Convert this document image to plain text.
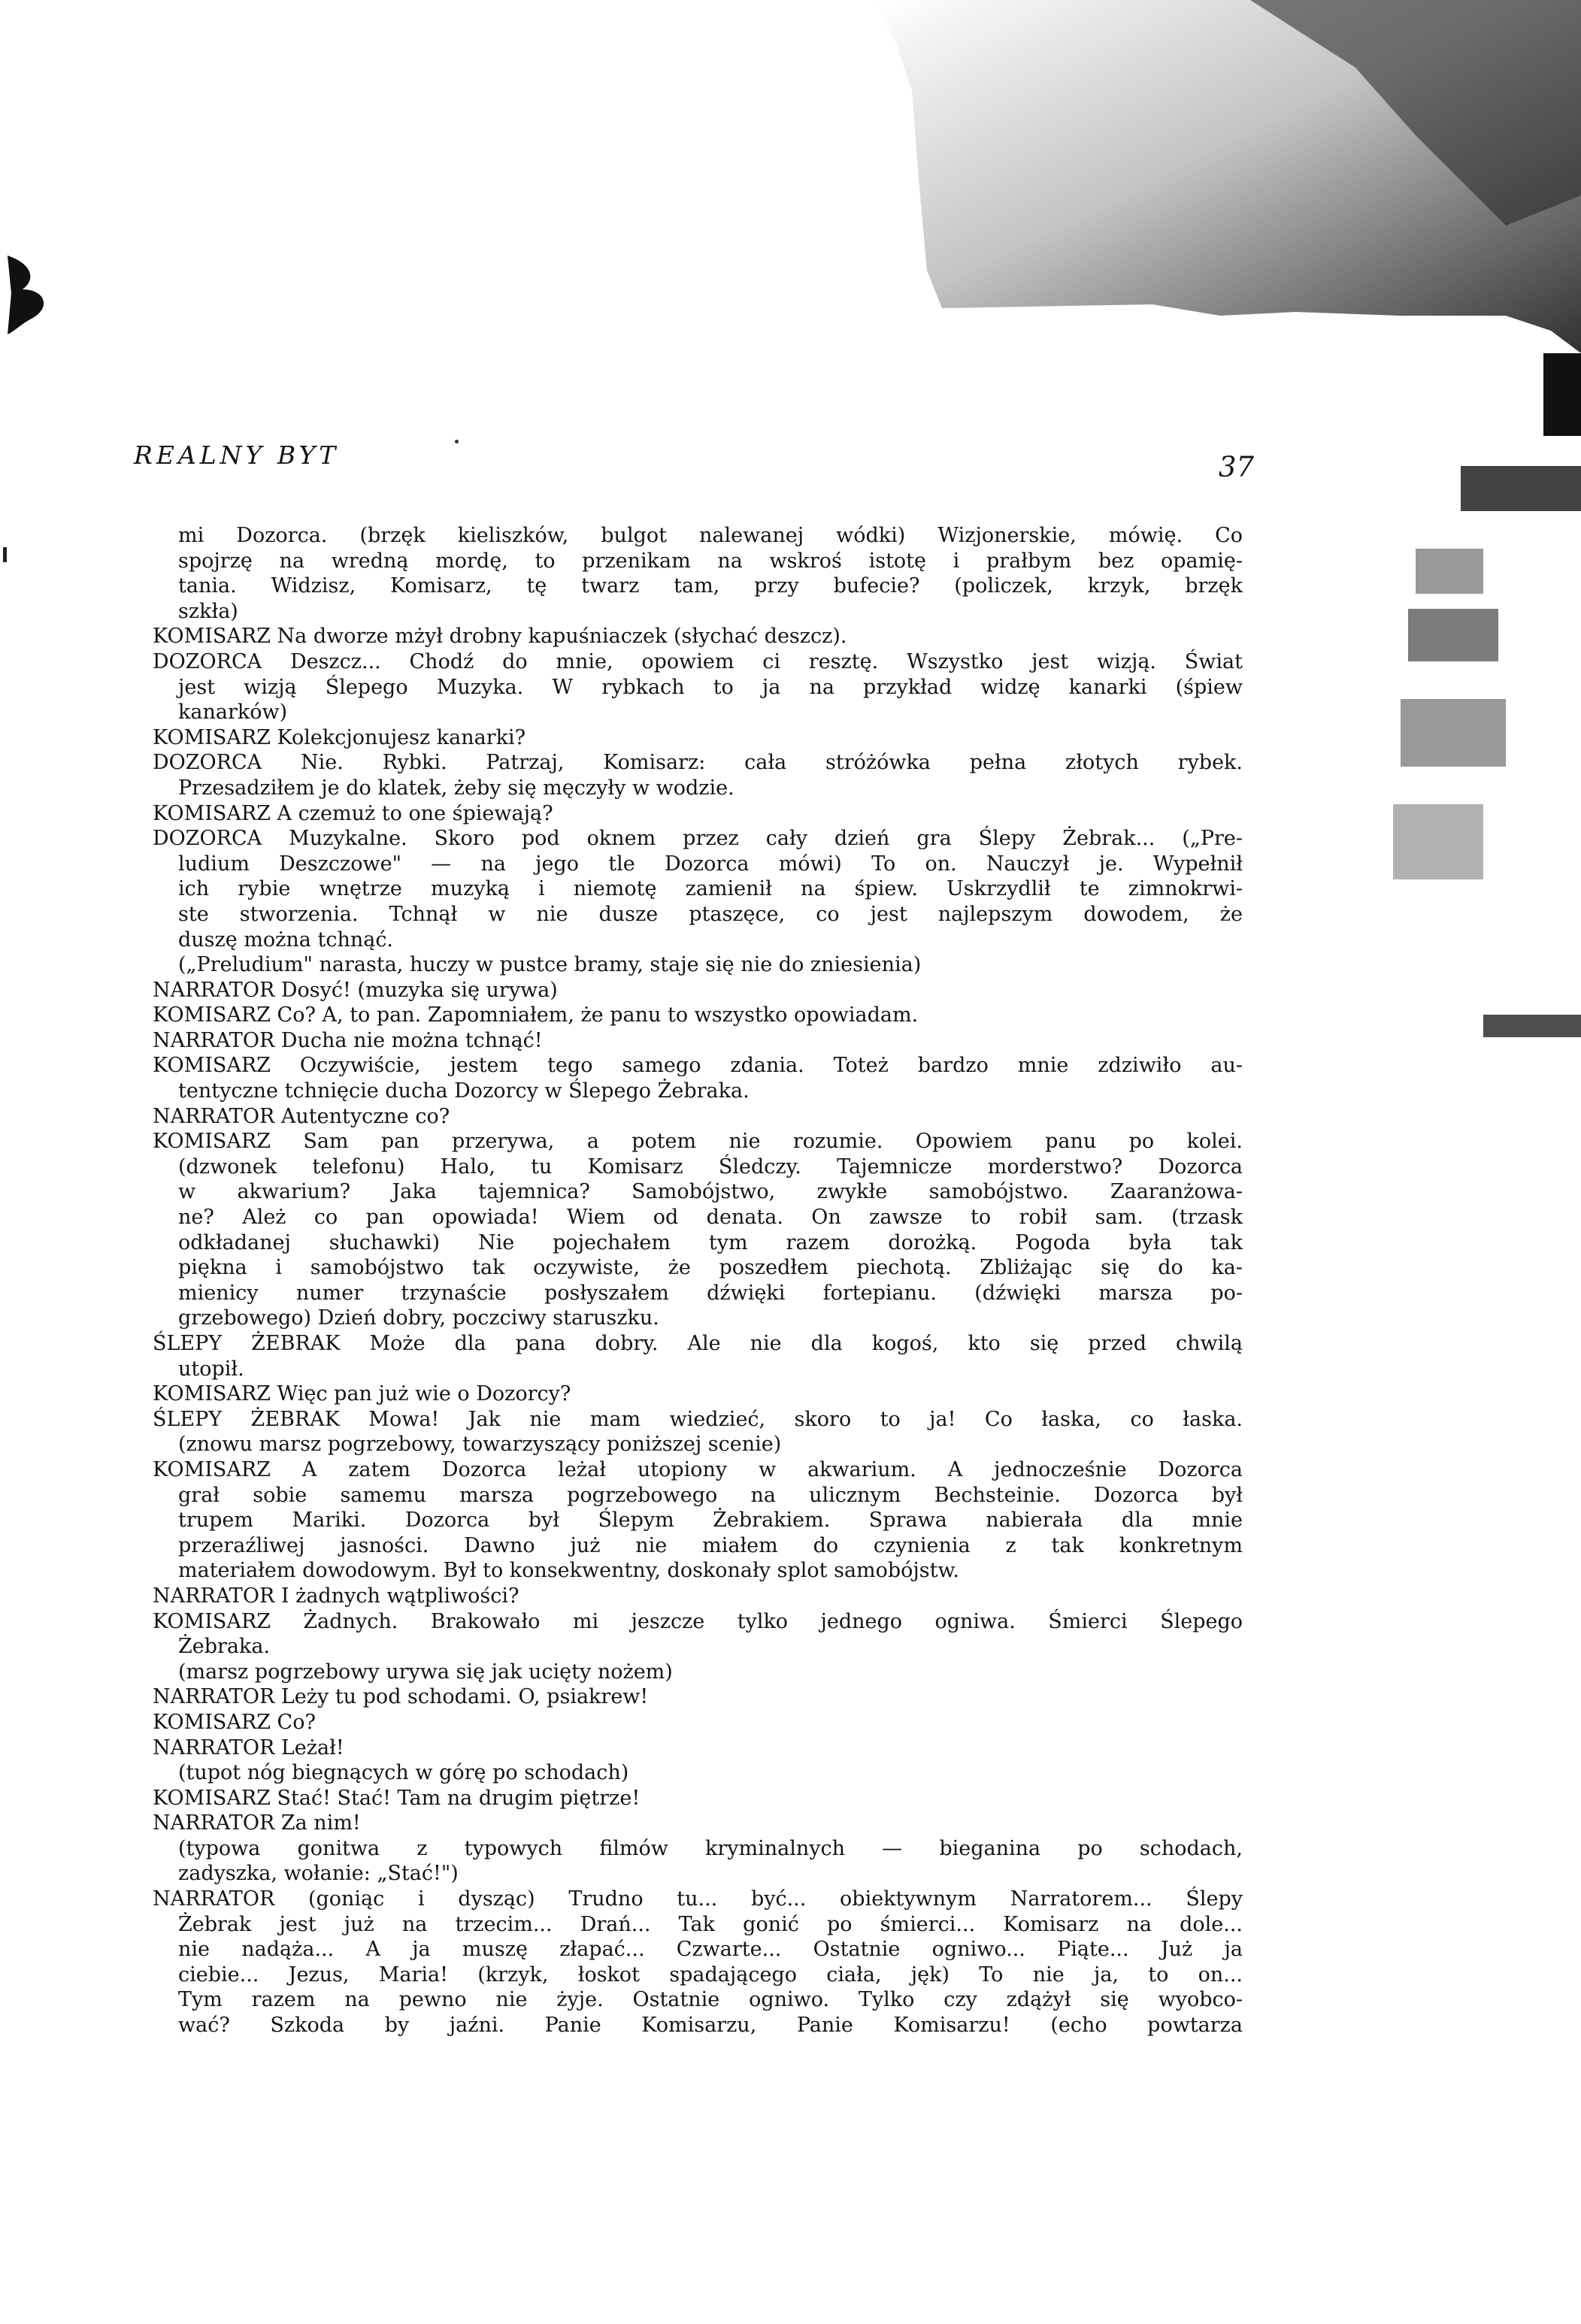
REALNY BYT	37
mi Dozorca. (brzęk kieliszków, bulgot nalewanej wódki) Wizjonerskie, mówię. Co
spojrzę na wredną mordę, to przenikam na wskroś istotę i prałbym bez opamię-
tania. Widzisz, Komisarz, tę twarz tam, przy bufecie? (policzek, krzyk, brzęk
szkła)
KOMISARZ Na dworze mżył drobny kapuśniaczek (słychać deszcz).
DOZORCA Deszcz... Chodź do mnie, opowiem ci resztę. Wszystko jest wizją. Świat
jest wizją Ślepego Muzyka. W rybkach to ja na przykład widzę kanarki (śpiew
kanarków)
KOMISARZ Kolekcjonujesz kanarki?
DOZORCA Nie. Rybki. Patrzaj, Komisarz: cała stróżówka pełna złotych rybek.
Przesadziłem je do klatek, żeby się męczyły w wodzie.
KOMISARZ A czemuż to one śpiewają?
DOZORCA Muzykalne. Skoro pod oknem przez cały dzień gra Ślepy Żebrak... („Pre-
ludium Deszczowe" — na jego tle Dozorca mówi) To on. Nauczył je. Wypełnił
ich rybie wnętrze muzyką i niemotę zamienił na śpiew. Uskrzydlił te zimnokrwi-
ste stworzenia. Tchnął w nie dusze ptaszęce, co jest najlepszym dowodem, że
duszę można tchnąć.
(„Preludium" narasta, huczy w pustce bramy, staje się nie do zniesienia)
NARRATOR Dosyć! (muzyka się urywa)
KOMISARZ Co? A, to pan. Zapomniałem, że panu to wszystko opowiadam.
NARRATOR Ducha nie można tchnąć!
KOMISARZ Oczywiście, jestem tego samego zdania. Toteż bardzo mnie zdziwiło au-
tentyczne tchnięcie ducha Dozorcy w Ślepego Żebraka.
NARRATOR Autentyczne co?
KOMISARZ Sam pan przerywa, a potem nie rozumie. Opowiem panu po kolei.
(dzwonek telefonu) Halo, tu Komisarz Śledczy. Tajemnicze morderstwo? Dozorca
w akwarium? Jaka tajemnica? Samobójstwo, zwykłe samobójstwo. Zaaranżowa-
ne? Ależ co pan opowiada! Wiem od denata. On zawsze to robił sam. (trzask
odkładanej słuchawki) Nie pojechałem tym razem dorożką. Pogoda była tak
piękna i samobójstwo tak oczywiste, że poszedłem piechotą. Zbliżając się do ka-
mienicy numer trzynaście posłyszałem dźwięki fortepianu. (dźwięki marsza po-
grzebowego) Dzień dobry, poczciwy staruszku.
ŚLEPY ŻEBRAK Może dla pana dobry. Ale nie dla kogoś, kto się przed chwilą
utopił.
KOMISARZ Więc pan już wie o Dozorcy?
ŚLEPY ŻEBRAK Mowa! Jak nie mam wiedzieć, skoro to ja! Co łaska, co łaska.
(znowu marsz pogrzebowy, towarzyszący poniższej scenie)
KOMISARZ A zatem Dozorca leżał utopiony w akwarium. A jednocześnie Dozorca
grał sobie samemu marsza pogrzebowego na ulicznym Bechsteinie. Dozorca był
trupem Mariki. Dozorca był Ślepym Żebrakiem. Sprawa nabierała dla mnie
przeraźliwej jasności. Dawno już nie miałem do czynienia z tak konkretnym
materiałem dowodowym. Był to konsekwentny, doskonały splot samobójstw.
NARRATOR I żadnych wątpliwości?
KOMISARZ Żadnych. Brakowało mi jeszcze tylko jednego ogniwa. Śmierci Ślepego
Żebraka.
(marsz pogrzebowy urywa się jak ucięty nożem)
NARRATOR Leży tu pod schodami. O, psiakrew!
KOMISARZ Co?
NARRATOR Leżał!
(tupot nóg biegnących w górę po schodach)
KOMISARZ Stać! Stać! Tam na drugim piętrze!
NARRATOR Za nim!
(typowa gonitwa z typowych filmów kryminalnych — bieganina po schodach,
zadyszka, wołanie: „Stać!")
NARRATOR (goniąc i dysząc) Trudno tu... być... obiektywnym Narratorem... Ślepy
Żebrak jest już na trzecim... Drań... Tak gonić po śmierci... Komisarz na dole...
nie nadąża... A ja muszę złapać... Czwarte... Ostatnie ogniwo... Piąte... Już ja
ciebie... Jezus, Maria! (krzyk, łoskot spadającego ciała, jęk) To nie ja, to on...
Tym razem na pewno nie żyje. Ostatnie ogniwo. Tylko czy zdążył się wyobco-
wać? Szkoda by jaźni. Panie Komisarzu, Panie Komisarzu! (echo powtarza
